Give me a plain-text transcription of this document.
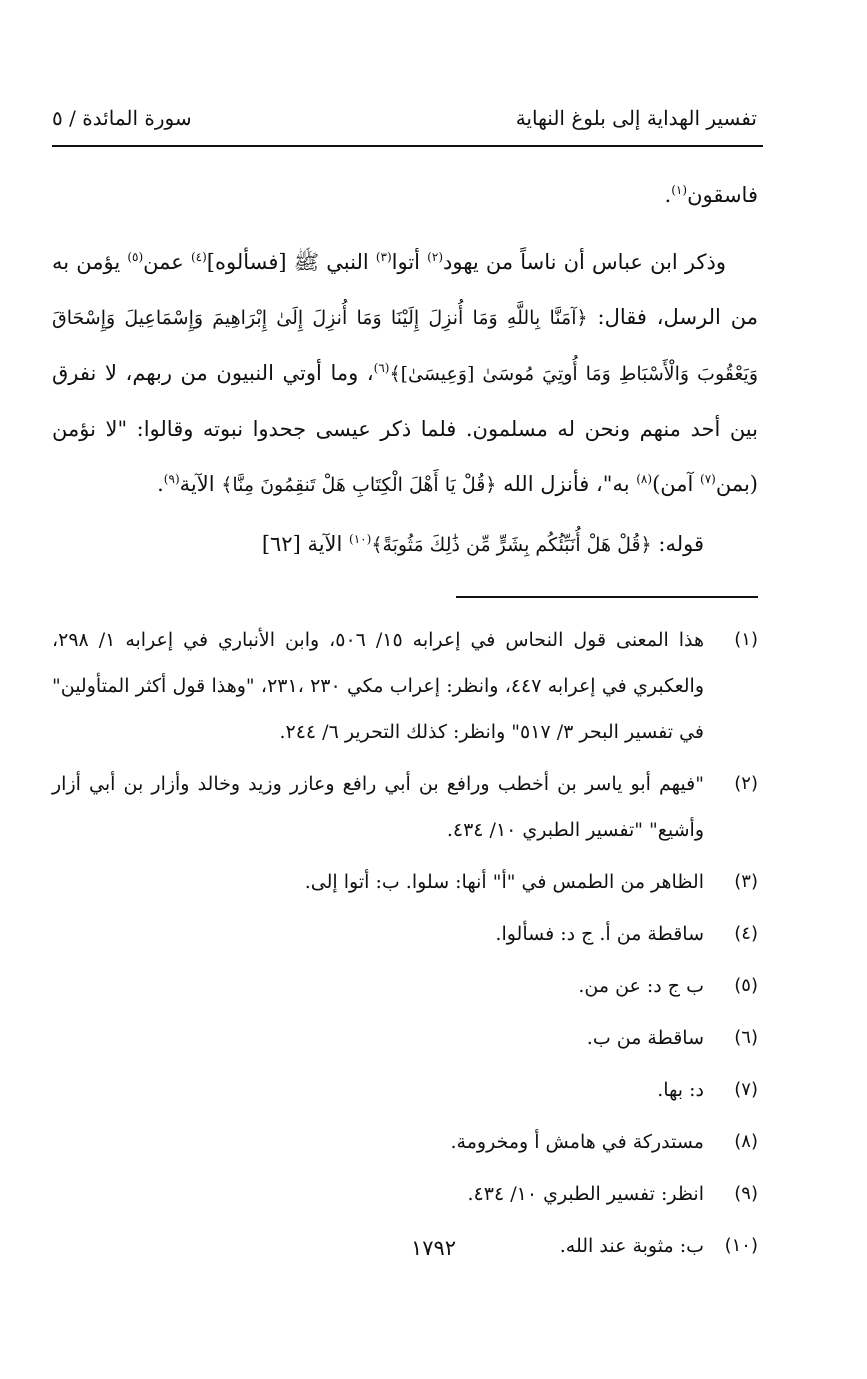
تفسير الهداية إلى بلوغ النهاية
سورة المائدة / ٥

فاسقون$^{(١)}$.

وذكر ابن عباس أن ناساً من يهود$^{(٢)}$ أتوا$^{(٣)}$ النبي ﷺ [فسألوه]$^{(٤)}$ عمن$^{(٥)}$ يؤمن به من الرسل، فقال: ﴿آمَنَّا بِاللَّهِ وَمَا أُنزِلَ إِلَيْنَا وَمَا أُنزِلَ إِلَىٰ إِبْرَاهِيمَ وَإِسْمَاعِيلَ وَإِسْحَاقَ وَيَعْقُوبَ وَالْأَسْبَاطِ وَمَا أُوتِيَ مُوسَىٰ [وَعِيسَىٰ]﴾$^{(٦)}$، وما أوتي النبيون من ربهم، لا نفرق بين أحد منهم ونحن له مسلمون. فلما ذكر عيسى جحدوا نبوته وقالوا: "لا نؤمن (بمن$^{(٧)}$ آمن)$^{(٨)}$ به"، فأنزل الله ﴿قُلْ يَا أَهْلَ الْكِتَابِ هَلْ تَنقِمُونَ مِنَّا﴾ الآية$^{(٩)}$.

قوله: ﴿قُلْ هَلْ أُنَبِّئُكُم بِشَرٍّ مِّن ذَٰلِكَ مَثُوبَةً﴾$^{(١٠)}$ الآية [٦٢]

(١)
هذا المعنى قول النحاس في إعرابه ١٥/ ٥٠٦، وابن الأنباري في إعرابه ١/ ٢٩٨، والعكبري في إعرابه ٤٤٧، وانظر: إعراب مكي ٢٣٠ ،٢٣١، "وهذا قول أكثر المتأولين" في تفسير البحر ٣/ ٥١٧" وانظر: كذلك التحرير ٦/ ٢٤٤.
(٢)
"فيهم أبو ياسر بن أخطب ورافع بن أبي رافع وعازر وزيد وخالد وأزار بن أبي أزار وأشيع" "تفسير الطبري ١٠/ ٤٣٤.
(٣)
الظاهر من الطمس في "أ" أنها: سلوا. ب: أتوا إلى.
(٤)
ساقطة من أ. ج د: فسألوا.
(٥)
ب ج د: عن من.
(٦)
ساقطة من ب.
(٧)
د: بها.
(٨)
مستدركة في هامش أ ومخرومة.
(٩)
انظر: تفسير الطبري ١٠/ ٤٣٤.
(١٠)
ب: مثوبة عند الله.
١٧٩٢
